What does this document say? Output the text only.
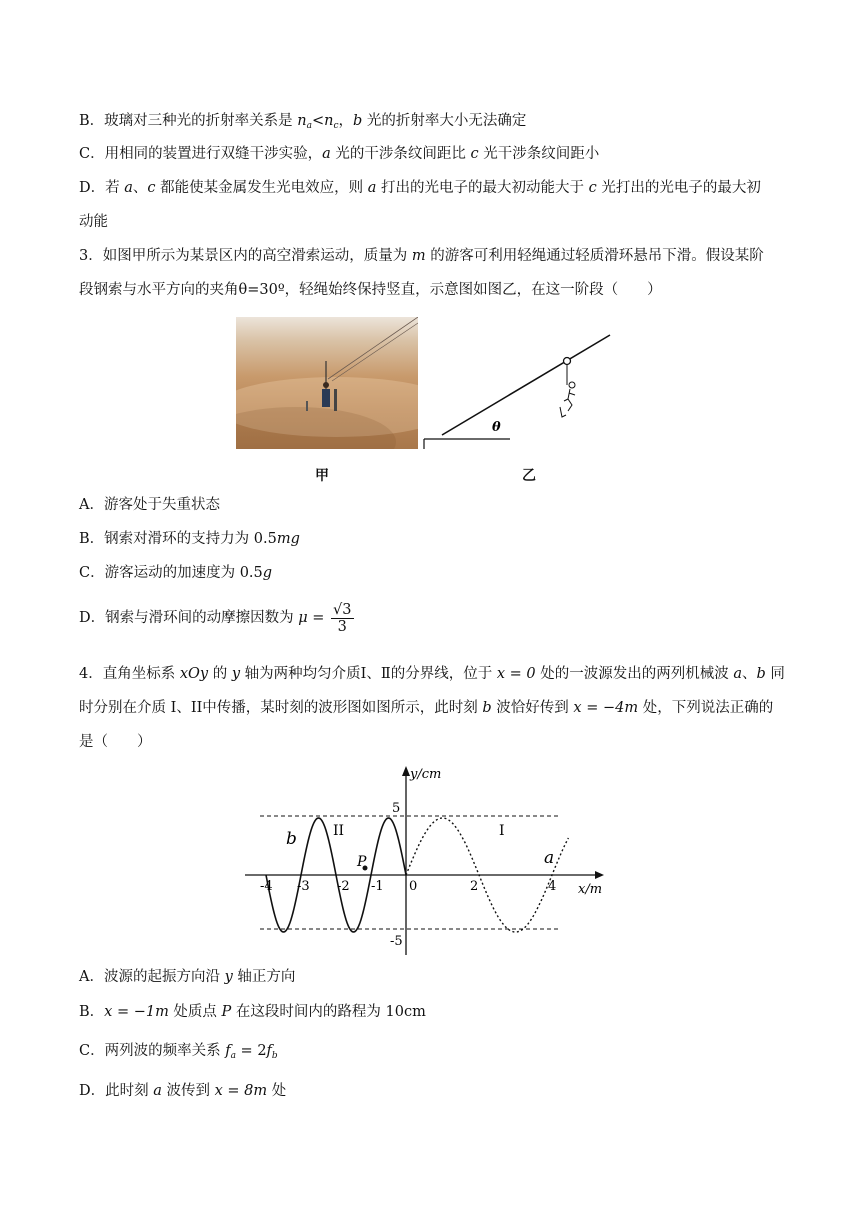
B．玻璃对三种光的折射率关系是 $n_a<n_c$，b 光的折射率大小无法确定
C．用相同的装置进行双缝干涉实验，a 光的干涉条纹间距比 c 光干涉条纹间距小
D．若 a、c 都能使某金属发生光电效应，则 a 打出的光电子的最大初动能大于 c 光打出的光电子的最大初
动能
3．如图甲所示为某景区内的高空滑索运动，质量为 m 的游客可利用轻绳通过轻质滑环悬吊下滑。假设某阶
段钢索与水平方向的夹角θ=30º，轻绳始终保持竖直，示意图如图乙，在这一阶段（　　）
甲
θ
乙
A．游客处于失重状态
B．钢索对滑环的支持力为 0.5mg
C．游客运动的加速度为 0.5g
D．钢索与滑环间的动摩擦因数为 $\mu = \frac{√3}{3}$
4．直角坐标系 xOy 的 y 轴为两种均匀介质Ⅰ、Ⅱ的分界线，位于 x = 0 处的一波源发出的两列机械波 a、b 同
时分别在介质 I、II中传播，某时刻的波形图如图所示，此时刻 b 波恰好传到 x = −4m 处，下列说法正确的
是（　　）
y/cm
x/m
5
-5
b
a
II	I
P
-4 -3 -2 -1 0	2	4
A．波源的起振方向沿 y 轴正方向
B．x = −1m 处质点 P 在这段时间内的路程为 10cm
C．两列波的频率关系 $f_a = 2f_b$
D．此时刻 a 波传到 x = 8m 处
